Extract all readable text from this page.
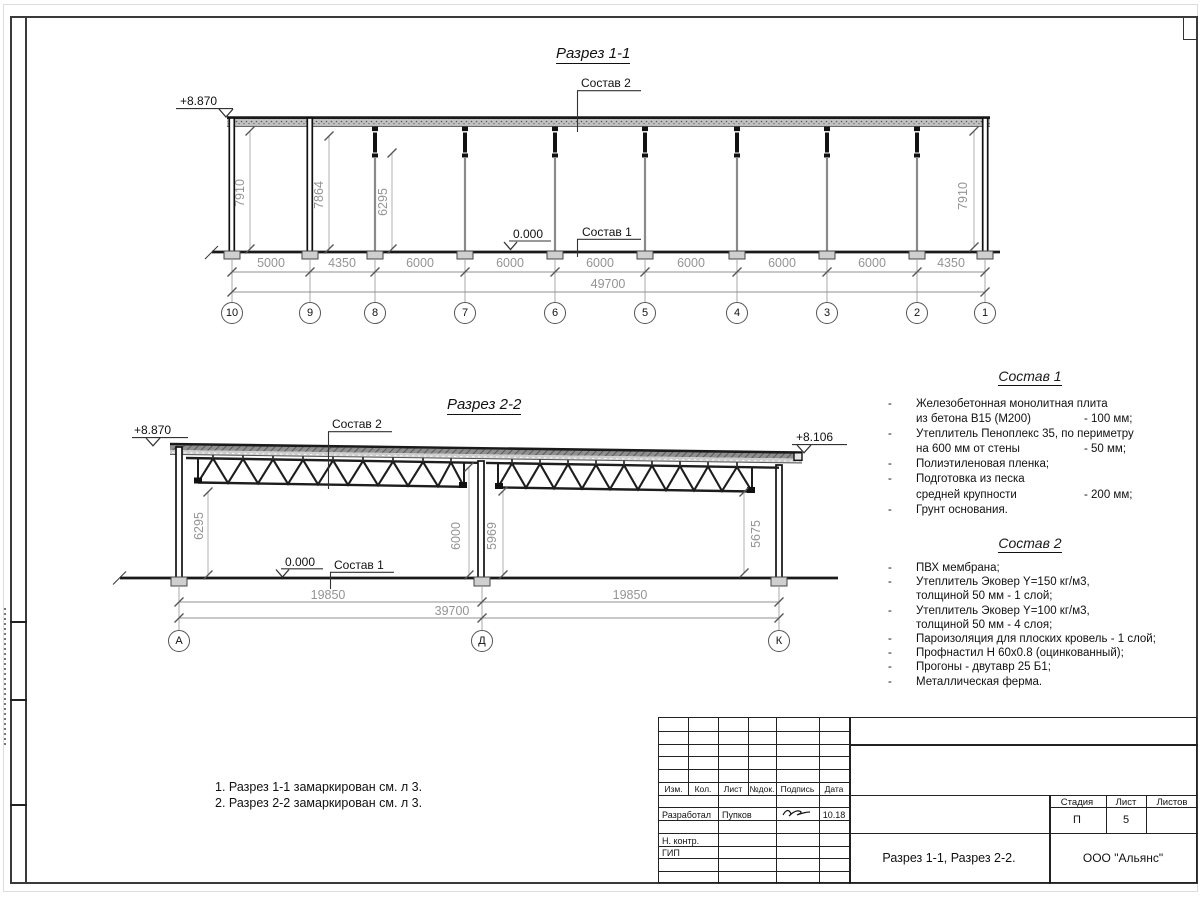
Разрез 1-1
Состав 2
Состав 1
+8.870
0.000
5000	4350	6000	6000	6000	6000	6000	6000	4350
49700
7910	7864	6295	7910
10	9	8	7	6	5	4	3	2	1
Разрез 2-2
Состав 2
Состав 1
+8.870	+8.106
0.000
19850	19850
39700
6295	6000 5969	5675
А	Д	К
Состав 1
- Железобетонная монолитная плита
из бетона В15 (М200)	- 100 мм;
- Утеплитель Пеноплекс 35, по периметру
на 600 мм от стены	- 50 мм;
- Полиэтиленовая пленка;
- Подготовка из песка
средней крупности	- 200 мм;
- Грунт основания.
Состав 2
- ПВХ мембрана;
- Утеплитель Эковер Y=150 кг/м3,
толщиной 50 мм - 1 слой;
- Утеплитель Эковер Y=100 кг/м3,
толщиной 50 мм - 4 слоя;
- Пароизоляция для плоских кровель - 1 слой;
- Профнастил Н 60х0.8 (оцинкованный);
- Прогоны - двутавр 25 Б1;
- Металлическая ферма.
1. Разрез 1-1 замаркирован см. л 3.
2. Разрез 2-2 замаркирован см. л 3.
Изм. Кол. Лист №док. Подпись Дата
Разработал Пупков	10.18
Н. контр.
ГИП
Стадия Лист Листов
П	5
Разрез 1-1, Разрез 2-2.	ООО "Альянс"
